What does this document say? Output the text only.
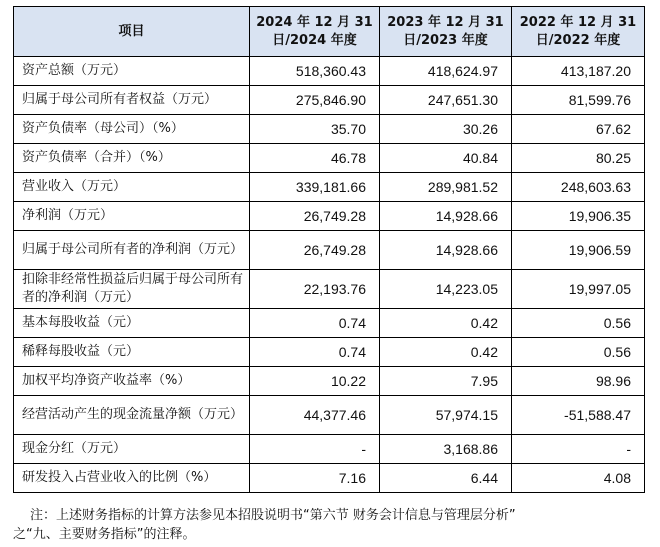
项目	2024 年 12 月 31 日/2024 年度	2023 年 12 月 31 日/2023 年度	2022 年 12 月 31 日/2022 年度
资产总额（万元）	518,360.43	418,624.97	413,187.20
归属于母公司所有者权益（万元）	275,846.90	247,651.30	81,599.76
资产负债率（母公司）（%）	35.70	30.26	67.62
资产负债率（合并）（%）	46.78	40.84	80.25
营业收入（万元）	339,181.66	289,981.52	248,603.63
净利润（万元）	26,749.28	14,928.66	19,906.35
归属于母公司所有者的净利润（万元）	26,749.28	14,928.66	19,906.59
扣除非经常性损益后归属于母公司所有者的净利润（万元）	22,193.76	14,223.05	19,997.05
基本每股收益（元）	0.74	0.42	0.56
稀释每股收益（元）	0.74	0.42	0.56
加权平均净资产收益率（%）	10.22	7.95	98.96
经营活动产生的现金流量净额（万元）	44,377.46	57,974.15	-51,588.47
现金分红（万元）	-	3,168.86	-
研发投入占营业收入的比例（%）	7.16	6.44	4.08
注：上述财务指标的计算方法参见本招股说明书“第六节 财务会计信息与管理层分析”
之“九、主要财务指标”的注释。
